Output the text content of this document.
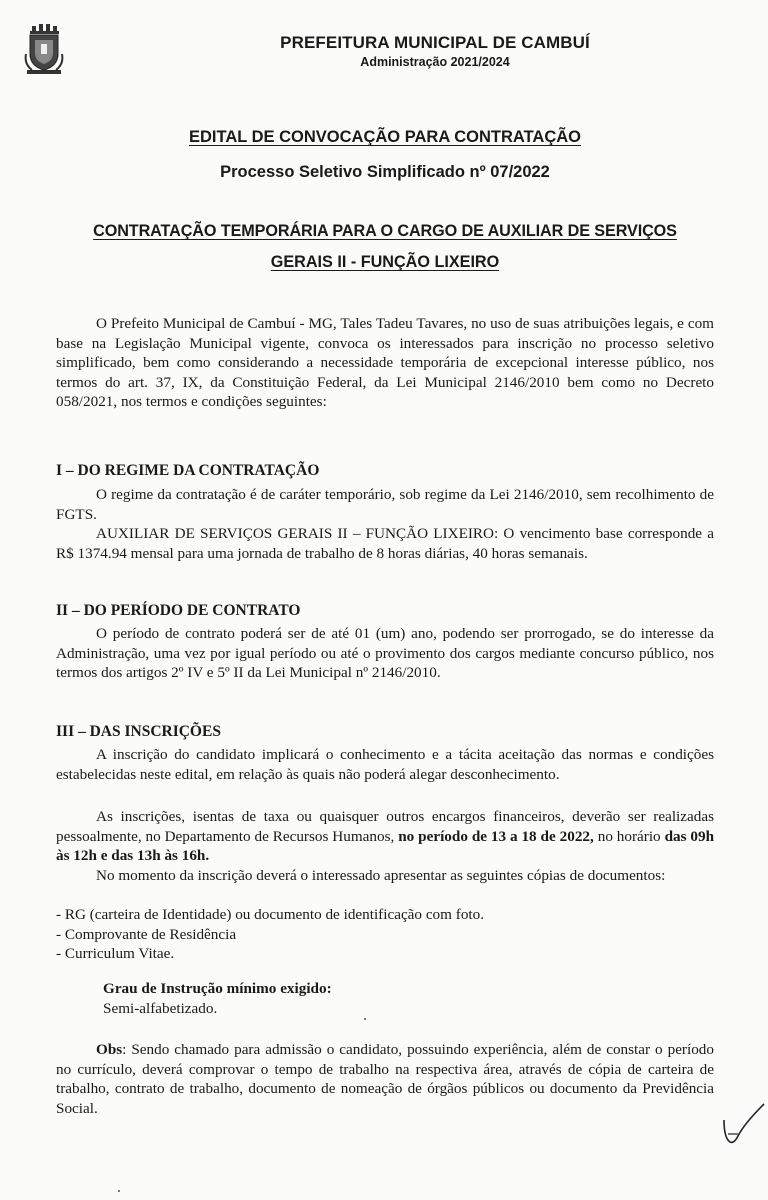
PREFEITURA MUNICIPAL DE CAMBUÍ
Administração 2021/2024
EDITAL DE CONVOCAÇÃO PARA CONTRATAÇÃO
Processo Seletivo Simplificado nº 07/2022
CONTRATAÇÃO TEMPORÁRIA PARA O CARGO DE AUXILIAR DE SERVIÇOS
GERAIS II - FUNÇÃO LIXEIRO
O Prefeito Municipal de Cambuí - MG, Tales Tadeu Tavares, no uso de suas atribuições legais, e com base na Legislação Municipal vigente, convoca os interessados para inscrição no processo seletivo simplificado, bem como considerando a necessidade temporária de excepcional interesse público, nos termos do art. 37, IX, da Constituição Federal, da Lei Municipal 2146/2010 bem como no Decreto 058/2021, nos termos e condições seguintes:
I – DO REGIME DA CONTRATAÇÃO
O regime da contratação é de caráter temporário, sob regime da Lei 2146/2010, sem recolhimento de FGTS.
AUXILIAR DE SERVIÇOS GERAIS II – FUNÇÃO LIXEIRO: O vencimento base corresponde a R$ 1374.94 mensal para uma jornada de trabalho de 8 horas diárias, 40 horas semanais.
II – DO PERÍODO DE CONTRATO
O período de contrato poderá ser de até 01 (um) ano, podendo ser prorrogado, se do interesse da Administração, uma vez por igual período ou até o provimento dos cargos mediante concurso público, nos termos dos artigos 2º IV e 5º II da Lei Municipal nº 2146/2010.
III – DAS INSCRIÇÕES
A inscrição do candidato implicará o conhecimento e a tácita aceitação das normas e condições estabelecidas neste edital, em relação às quais não poderá alegar desconhecimento.
As inscrições, isentas de taxa ou quaisquer outros encargos financeiros, deverão ser realizadas pessoalmente, no Departamento de Recursos Humanos, no período de 13 a 18 de 2022, no horário das 09h às 12h e das 13h às 16h.
No momento da inscrição deverá o interessado apresentar as seguintes cópias de documentos:
- RG (carteira de Identidade) ou documento de identificação com foto.
- Comprovante de Residência
- Curriculum Vitae.
Grau de Instrução mínimo exigido:
Semi-alfabetizado.
Obs: Sendo chamado para admissão o candidato, possuindo experiência, além de constar o período no currículo, deverá comprovar o tempo de trabalho na respectiva área, através de cópia de carteira de trabalho, contrato de trabalho, documento de nomeação de órgãos públicos ou documento da Previdência Social.
